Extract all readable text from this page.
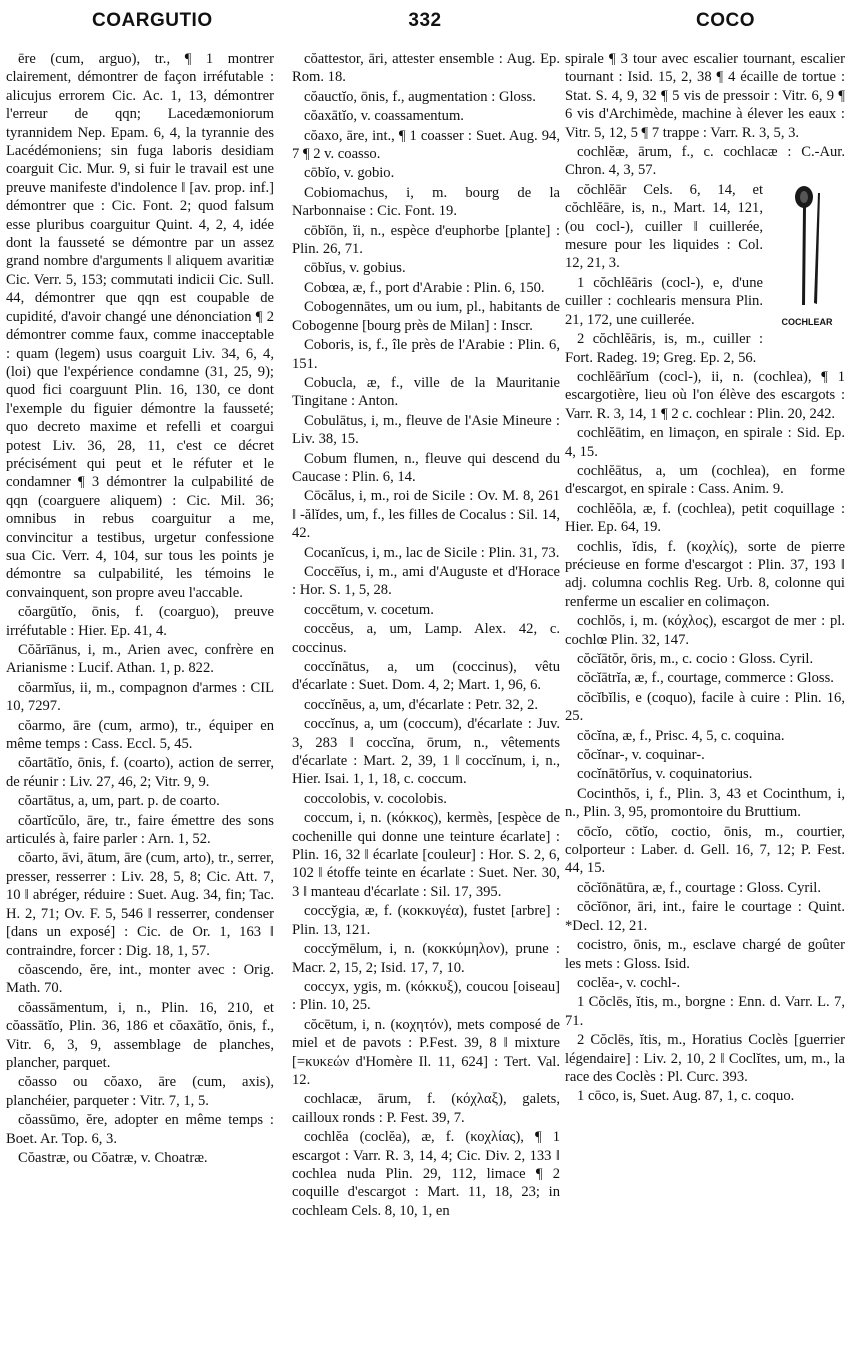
COARGUTIO	332	COCO

ēre (cum, arguo), tr., ¶ 1 montrer clairement, démontrer de façon irréfutable : alicujus errorem Cic. Ac. 1, 13, démontrer l'erreur de qqn; Lacedæmoniorum tyrannidem Nep. Epam. 6, 4, la tyrannie des Lacédémoniens; sin fuga laboris desidiam coarguit Cic. Mur. 9, si fuir le travail est une preuve manifeste d'indolence ‖ [av. prop. inf.] démontrer que : Cic. Font. 2; quod falsum esse pluribus coarguitur Quint. 4, 2, 4, idée dont la fausseté se démontre par un assez grand nombre d'arguments ‖ aliquem avaritiæ Cic. Verr. 5, 153; commutati indicii Cic. Sull. 44, démontrer que qqn est coupable de cupidité, d'avoir changé une dénonciation ¶ 2 démontrer comme faux, comme inacceptable : quam (legem) usus coarguit Liv. 34, 6, 4, (loi) que l'expérience condamne (31, 25, 9); quod fici coarguunt Plin. 16, 130, ce dont l'exemple du figuier démontre la fausseté; quo decreto maxime et refelli et coargui potest Liv. 36, 28, 11, c'est ce décret précisément qui peut et le réfuter et le condamner ¶ 3 démontrer la culpabilité de qqn (coarguere aliquem) : Cic. Mil. 36; omnibus in rebus coarguitur a me, convincitur a testibus, urgetur confessione sua Cic. Verr. 4, 104, sur tous les points je démontre sa culpabilité, les témoins le convainquent, son propre aveu l'accable.

cŏargūtĭo, ōnis, f. (coarguo), preuve irréfutable : Hier. Ep. 41, 4.

Cŏărīānus, i, m., Arien avec, confrère en Arianisme : Lucif. Athan. 1, p. 822.

cŏarmĭus, ii, m., compagnon d'armes : CIL 10, 7297.

cŏarmo, āre (cum, armo), tr., équiper en même temps : Cass. Eccl. 5, 45.

cŏartātĭo, ōnis, f. (coarto), action de serrer, de réunir : Liv. 27, 46, 2; Vitr. 9, 9.

cŏartātus, a, um, part. p. de coarto.

cŏartĭcŭlo, āre, tr., faire émettre des sons articulés à, faire parler : Arn. 1, 52.

cŏarto, āvi, ātum, āre (cum, arto), tr., serrer, presser, resserrer : Liv. 28, 5, 8; Cic. Att. 7, 10 ‖ abréger, réduire : Suet. Aug. 34, fin; Tac. H. 2, 71; Ov. F. 5, 546 ‖ resserrer, condenser [dans un exposé] : Cic. de Or. 1, 163 ‖ contraindre, forcer : Dig. 18, 1, 57.

cŏascendo, ĕre, int., monter avec : Orig. Math. 70.

cŏassāmentum, i, n., Plin. 16, 210, et cŏassātĭo, Plin. 36, 186 et cŏaxātĭo, ōnis, f., Vitr. 6, 3, 9, assemblage de planches, plancher, parquet.

cŏasso ou cŏaxo, āre (cum, axis), planchéier, parqueter : Vitr. 7, 1, 5.

cŏassūmo, ĕre, adopter en même temps : Boet. Ar. Top. 6, 3.

Cŏastræ, ou Cŏatræ, v. Choatræ.

cŏattestor, āri, attester ensemble : Aug. Ep. Rom. 18.

cŏauctĭo, ōnis, f., augmentation : Gloss.

cŏaxātĭo, v. coassamentum.

cŏaxo, āre, int., ¶ 1 coasser : Suet. Aug. 94, 7 ¶ 2 v. coasso.

cōbĭo, v. gobio.

Cobiomachus, i, m. bourg de la Narbonnaise : Cic. Font. 19.

cōbĭōn, ĭi, n., espèce d'euphorbe [plante] : Plin. 26, 71.

cōbĭus, v. gobius.

Cobœa, æ, f., port d'Arabie : Plin. 6, 150.

Cobogennātes, um ou ium, pl., habitants de Cobogenne [bourg près de Milan] : Inscr.

Coboris, is, f., île près de l'Arabie : Plin. 6, 151.

Cobucla, æ, f., ville de la Mauritanie Tingitane : Anton.

Cobulātus, i, m., fleuve de l'Asie Mineure : Liv. 38, 15.

Cobum flumen, n., fleuve qui descend du Caucase : Plin. 6, 14.

Cōcălus, i, m., roi de Sicile : Ov. M. 8, 261 ‖ -ălĭdes, um, f., les filles de Cocalus : Sil. 14, 42.

Cocanĭcus, i, m., lac de Sicile : Plin. 31, 73.

Coccēĭus, i, m., ami d'Auguste et d'Horace : Hor. S. 1, 5, 28.

coccētum, v. cocetum.

coccĕus, a, um, Lamp. Alex. 42, c. coccinus.

coccĭnātus, a, um (coccinus), vêtu d'écarlate : Suet. Dom. 4, 2; Mart. 1, 96, 6.

coccĭnĕus, a, um, d'écarlate : Petr. 32, 2.

coccĭnus, a, um (coccum), d'écarlate : Juv. 3, 283 ‖ coccĭna, ōrum, n., vêtements d'écarlate : Mart. 2, 39, 1 ‖ coccĭnum, i, n., Hier. Isai. 1, 1, 18, c. coccum.

coccolobis, v. cocolobis.

coccum, i, n. (κόκκος), kermès, [espèce de cochenille qui donne une teinture écarlate] : Plin. 16, 32 ‖ écarlate [couleur] : Hor. S. 2, 6, 102 ‖ étoffe teinte en écarlate : Suet. Ner. 30, 3 ‖ manteau d'écarlate : Sil. 17, 395.

coccy̆gia, æ, f. (κοκκυγέα), fustet [arbre] : Plin. 13, 121.

coccy̆mēlum, i, n. (κοκκύμηλον), prune : Macr. 2, 15, 2; Isid. 17, 7, 10.

coccyx, ygis, m. (κόκκυξ), coucou [oiseau] : Plin. 10, 25.

cŏcētum, i, n. (κοχητόν), mets composé de miel et de pavots : P.Fest. 39, 8 ‖ mixture [=κυκεών d'Homère Il. 11, 624] : Tert. Val. 12.

cochlacæ, ārum, f. (κόχλαξ), galets, cailloux ronds : P. Fest. 39, 7.

cochlĕa (coclĕa), æ, f. (κοχλίας), ¶ 1 escargot : Varr. R. 3, 14, 4; Cic. Div. 2, 133 ‖ cochlea nuda Plin. 29, 112, limace ¶ 2 coquille d'escargot : Mart. 11, 18, 23; in cochleam Cels. 8, 10, 1, en

spirale ¶ 3 tour avec escalier tournant, escalier tournant : Isid. 15, 2, 38 ¶ 4 écaille de tortue : Stat. S. 4, 9, 32 ¶ 5 vis de pressoir : Vitr. 6, 9 ¶ 6 vis d'Archimède, machine à élever les eaux : Vitr. 5, 12, 5 ¶ 7 trappe : Varr. R. 3, 5, 3.

cochlĕæ, ārum, f., c. cochlacæ : C.-Aur. Chron. 4, 3, 57.

COCHLEAR

cŏchlĕār Cels. 6, 14, et cŏchlĕāre, is, n., Mart. 14, 121, (ou cocl-), cuiller ‖ cuillerée, mesure pour les liquides : Col. 12, 21, 3.

1 cŏchlĕāris (cocl-), e, d'une cuiller : cochlearis mensura Plin. 21, 172, une cuillerée.

2 cŏchlĕāris, is, m., cuiller : Fort. Radeg. 19; Greg. Ep. 2, 56.

cochlĕārĭum (cocl-), ii, n. (cochlea), ¶ 1 escargotière, lieu où l'on élève des escargots : Varr. R. 3, 14, 1 ¶ 2 c. cochlear : Plin. 20, 242.

cochlĕātim, en limaçon, en spirale : Sid. Ep. 4, 15.

cochlĕātus, a, um (cochlea), en forme d'escargot, en spirale : Cass. Anim. 9.

cochlĕŏla, æ, f. (cochlea), petit coquillage : Hier. Ep. 64, 19.

cochlis, ĭdis, f. (κοχλίς), sorte de pierre précieuse en forme d'escargot : Plin. 37, 193 ‖ adj. columna cochlis Reg. Urb. 8, colonne qui renferme un escalier en colimaçon.

cochlŏs, i, m. (κόχλος), escargot de mer : pl. cochlœ Plin. 32, 147.

cŏcĭātŏr, ōris, m., c. cocio : Gloss. Cyril.

cŏcĭātrĭa, æ, f., courtage, commerce : Gloss.

cŏcĭbĭlis, e (coquo), facile à cuire : Plin. 16, 25.

cŏcĭna, æ, f., Prisc. 4, 5, c. coquina.

cŏcĭnar-, v. coquinar-.

cocĭnātōrĭus, v. coquinatorius.

Cocinthŏs, i, f., Plin. 3, 43 et Cocinthum, i, n., Plin. 3, 95, promontoire du Bruttium.

cōcĭo, cōtĭo, coctio, ōnis, m., courtier, colporteur : Laber. d. Gell. 16, 7, 12; P. Fest. 44, 15.

cŏcĭōnātūra, æ, f., courtage : Gloss. Cyril.

cŏcĭōnor, āri, int., faire le courtage : Quint. *Decl. 12, 21.

cocistro, ōnis, m., esclave chargé de goûter les mets : Gloss. Isid.

coclĕa-, v. cochl-.

1 Cŏclēs, ĭtis, m., borgne : Enn. d. Varr. L. 7, 71.

2 Cŏclēs, ĭtis, m., Horatius Coclès [guerrier légendaire] : Liv. 2, 10, 2 ‖ Coclĭtes, um, m., la race des Coclès : Pl. Curc. 393.

1 cōco, is, Suet. Aug. 87, 1, c. coquo.
